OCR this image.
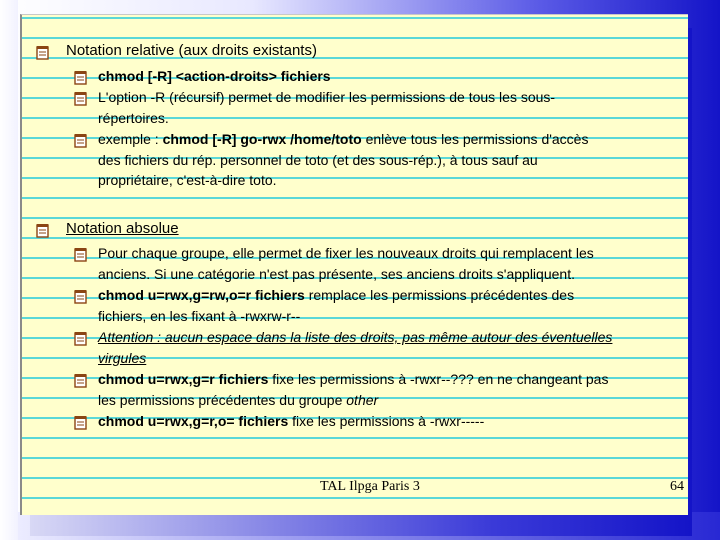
Notation relative (aux droits existants)
chmod [-R] <action-droits> fichiers
L'option -R (récursif) permet de modifier les permissions de tous les sous-
répertoires.
exemple : chmod [-R] go-rwx /home/toto enlève tous les permissions d'accès
des fichiers du rép. personnel de toto (et des sous-rép.), à tous sauf au
propriétaire, c'est-à-dire toto.
Notation absolue
Pour chaque groupe, elle permet de fixer les nouveaux droits qui remplacent les
anciens. Si une catégorie n'est pas présente, ses anciens droits s'appliquent.
chmod u=rwx,g=rw,o=r fichiers remplace les permissions précédentes des
fichiers, en les fixant à -rwxrw-r--
Attention : aucun espace dans la liste des droits, pas même autour des éventuelles
virgules
chmod u=rwx,g=r fichiers fixe les permissions à -rwxr--??? en ne changeant pas
les permissions précédentes du groupe other
chmod u=rwx,g=r,o= fichiers fixe les permissions à -rwxr-----
TAL Ilpga Paris 3	64
